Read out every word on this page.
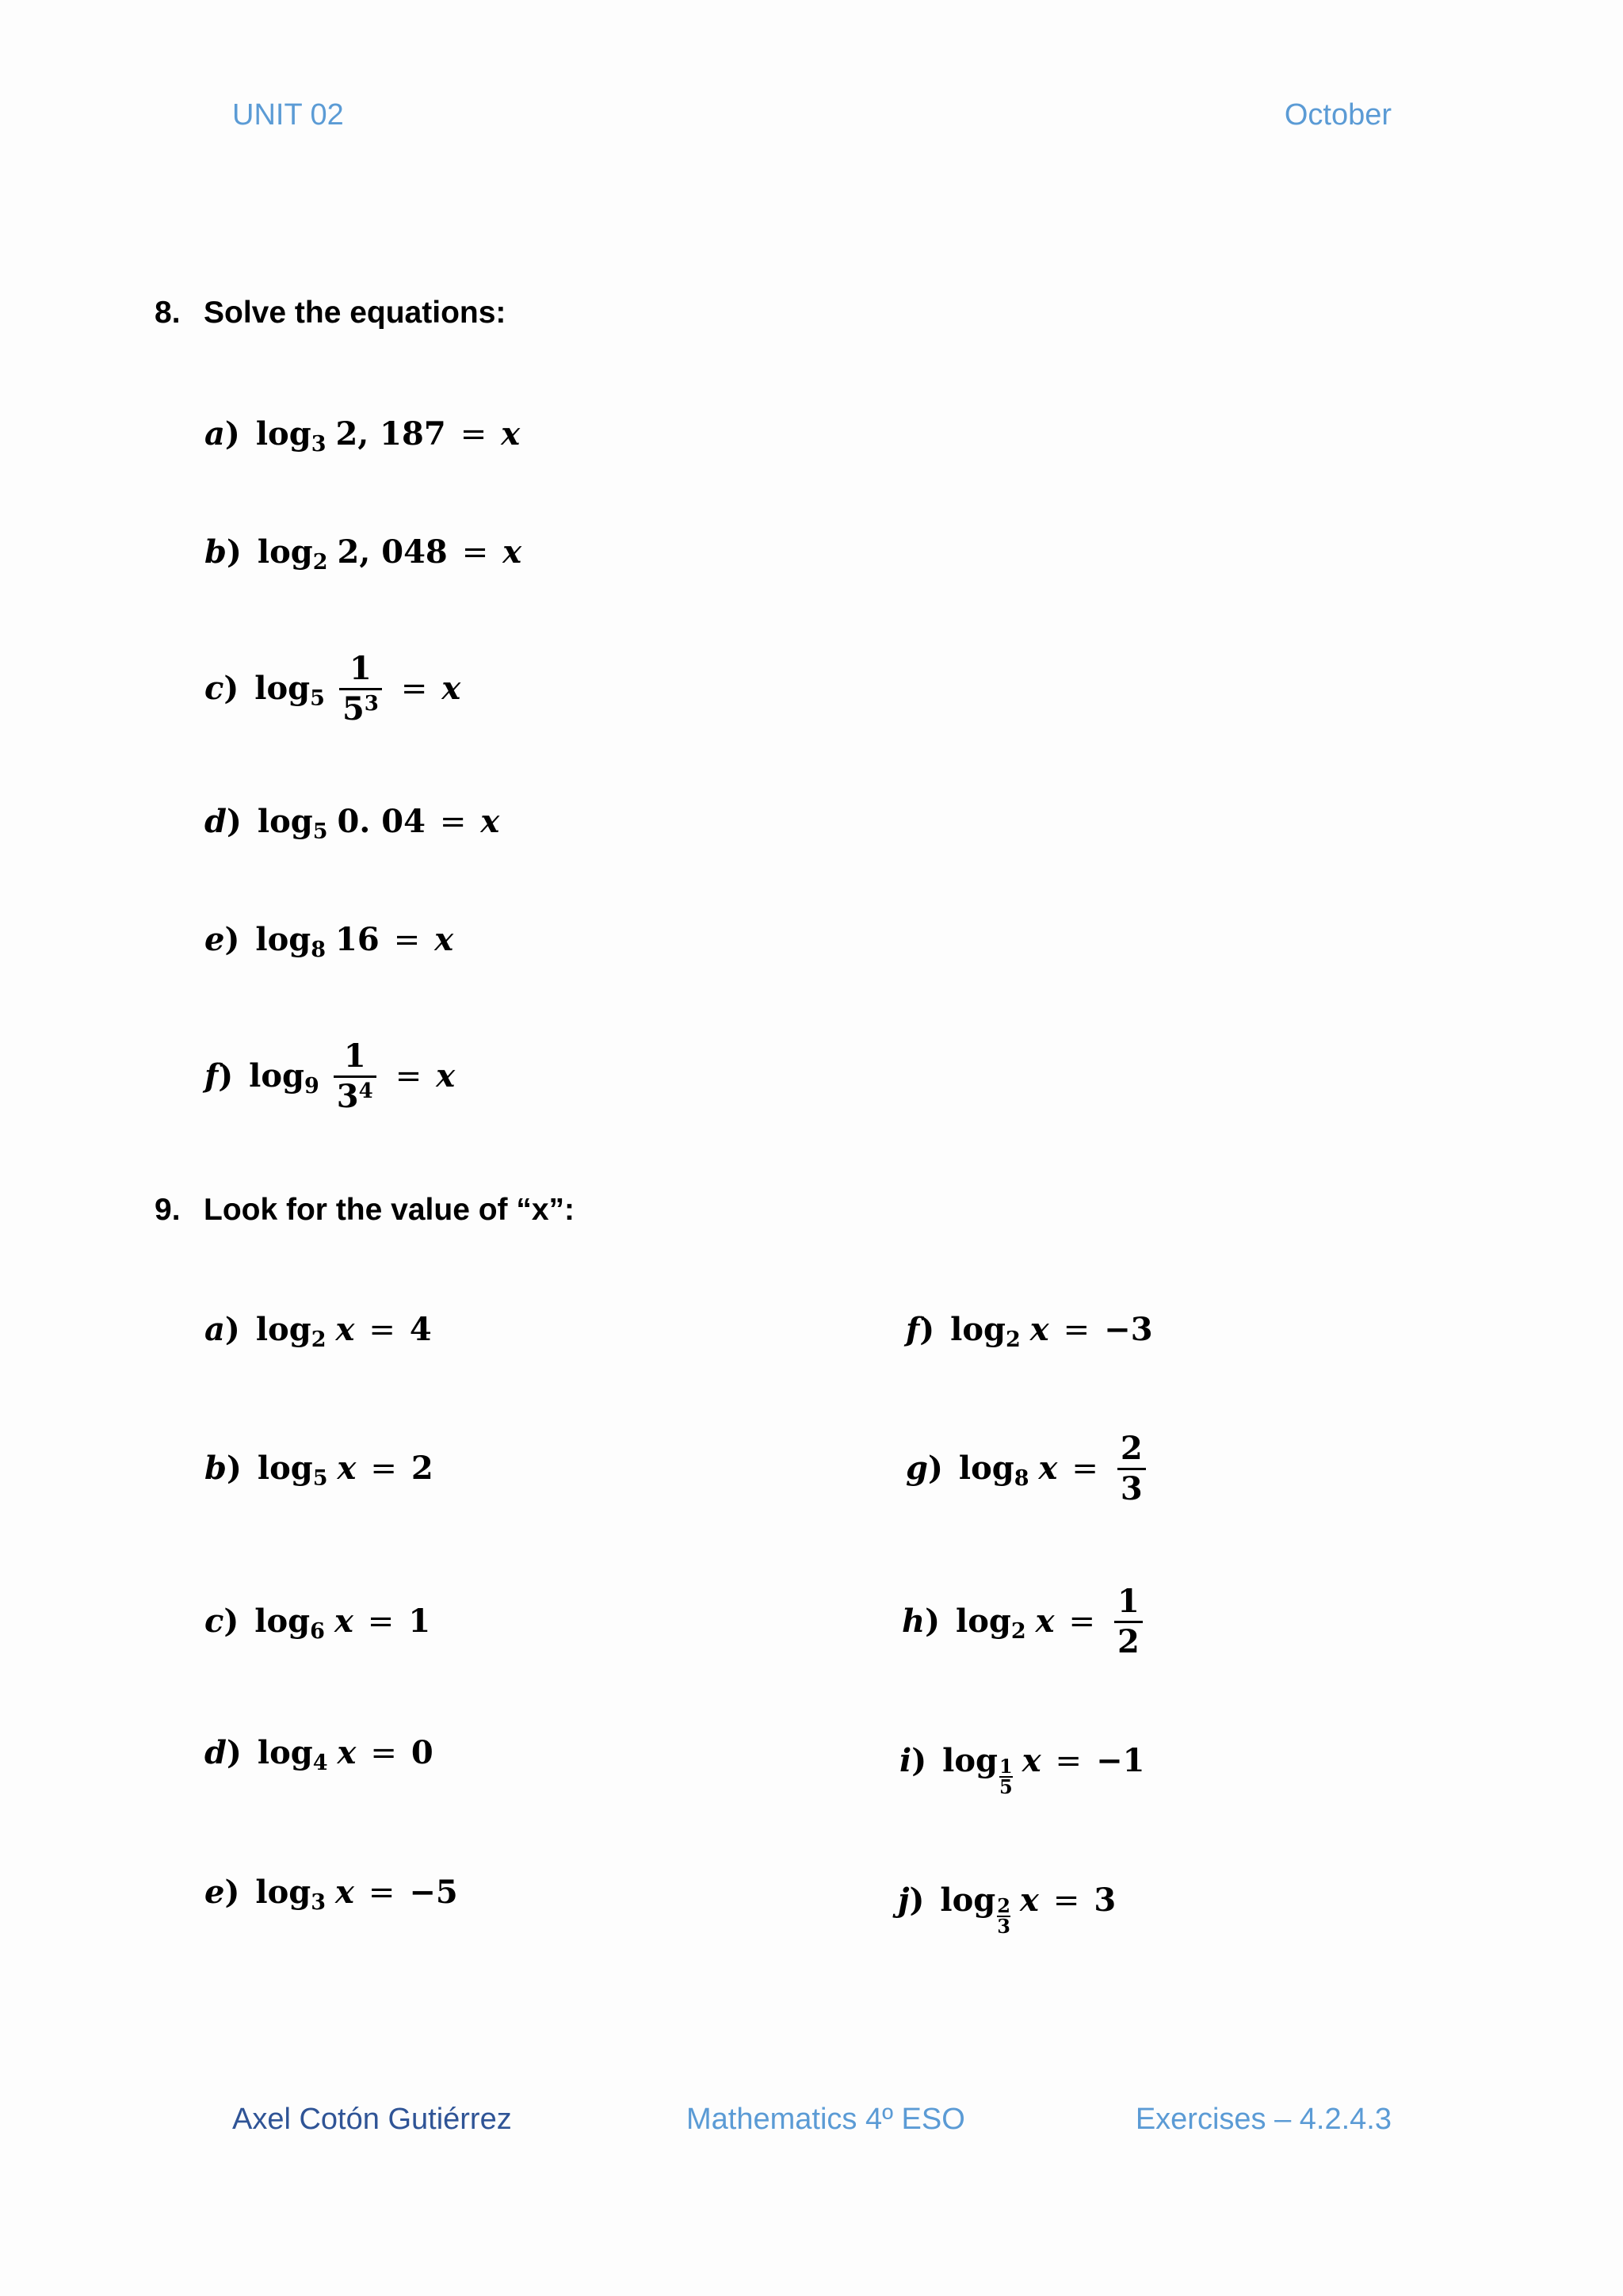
UNIT 02	October
8. Solve the equations:
a ) log 3 2, 187 = x
b ) log 2 2, 048 = x
c ) $\log 5 \frac{1}{5^3} = x$
d ) log 5 0. 04 = x
e ) log 8 16 = x
f ) $\log 9 \frac{1}{3^4} = x$
9. Look for the value of “x”:
a ) log 2 x = 4
b ) log 5 x = 2
c ) log 6 x = 1
d ) log 4 x = 0
e ) log 3 x = −5
f ) log 2 x = −3
g ) log 8 $x = \frac{2}{3}$
h ) log 2 $x = \frac{1}{2}$
i ) log 1
5
x = −1
j ) log 2
3
x = 3
Axel Cotón Gutiérrez	Mathematics 4º ESO	Exercises – 4.2.4.3
